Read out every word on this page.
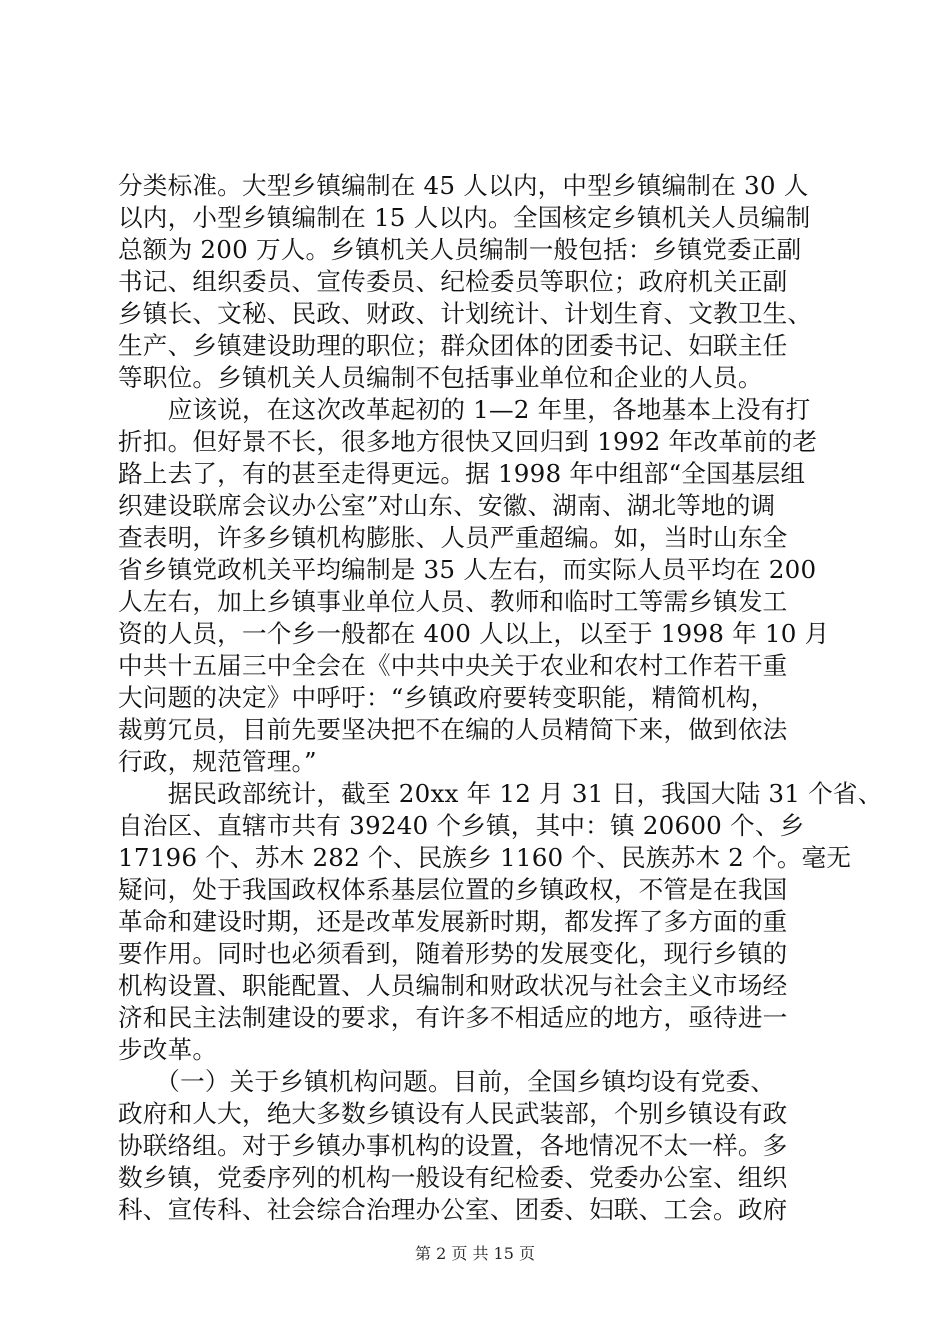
分类标准。大型乡镇编制在 45 人以内，中型乡镇编制在 30 人
以内，小型乡镇编制在 15 人以内。全国核定乡镇机关人员编制
总额为 200 万人。乡镇机关人员编制一般包括：乡镇党委正副
书记、组织委员、宣传委员、纪检委员等职位；政府机关正副
乡镇长、文秘、民政、财政、计划统计、计划生育、文教卫生、
生产、乡镇建设助理的职位；群众团体的团委书记、妇联主任
等职位。乡镇机关人员编制不包括事业单位和企业的人员。
　　应该说，在这次改革起初的 1—2 年里，各地基本上没有打
折扣。但好景不长，很多地方很快又回归到 1992 年改革前的老
路上去了，有的甚至走得更远。据 1998 年中组部“全国基层组
织建设联席会议办公室”对山东、安徽、湖南、湖北等地的调
查表明，许多乡镇机构膨胀、人员严重超编。如，当时山东全
省乡镇党政机关平均编制是 35 人左右，而实际人员平均在 200
人左右，加上乡镇事业单位人员、教师和临时工等需乡镇发工
资的人员，一个乡一般都在 400 人以上，以至于 1998 年 10 月
中共十五届三中全会在《中共中央关于农业和农村工作若干重
大问题的决定》中呼吁：“乡镇政府要转变职能，精简机构，
裁剪冗员，目前先要坚决把不在编的人员精简下来，做到依法
行政，规范管理。”
　　据民政部统计，截至 20xx 年 12 月 31 日，我国大陆 31 个省、
自治区、直辖市共有 39240 个乡镇，其中：镇 20600 个、乡
17196 个、苏木 282 个、民族乡 1160 个、民族苏木 2 个。毫无
疑问，处于我国政权体系基层位置的乡镇政权，不管是在我国
革命和建设时期，还是改革发展新时期，都发挥了多方面的重
要作用。同时也必须看到，随着形势的发展变化，现行乡镇的
机构设置、职能配置、人员编制和财政状况与社会主义市场经
济和民主法制建设的要求，有许多不相适应的地方，亟待进一
步改革。
　　（一）关于乡镇机构问题。目前，全国乡镇均设有党委、
政府和人大，绝大多数乡镇设有人民武装部，个别乡镇设有政
协联络组。对于乡镇办事机构的设置，各地情况不太一样。多
数乡镇，党委序列的机构一般设有纪检委、党委办公室、组织
科、宣传科、社会综合治理办公室、团委、妇联、工会。政府
第 2 页 共 15 页
